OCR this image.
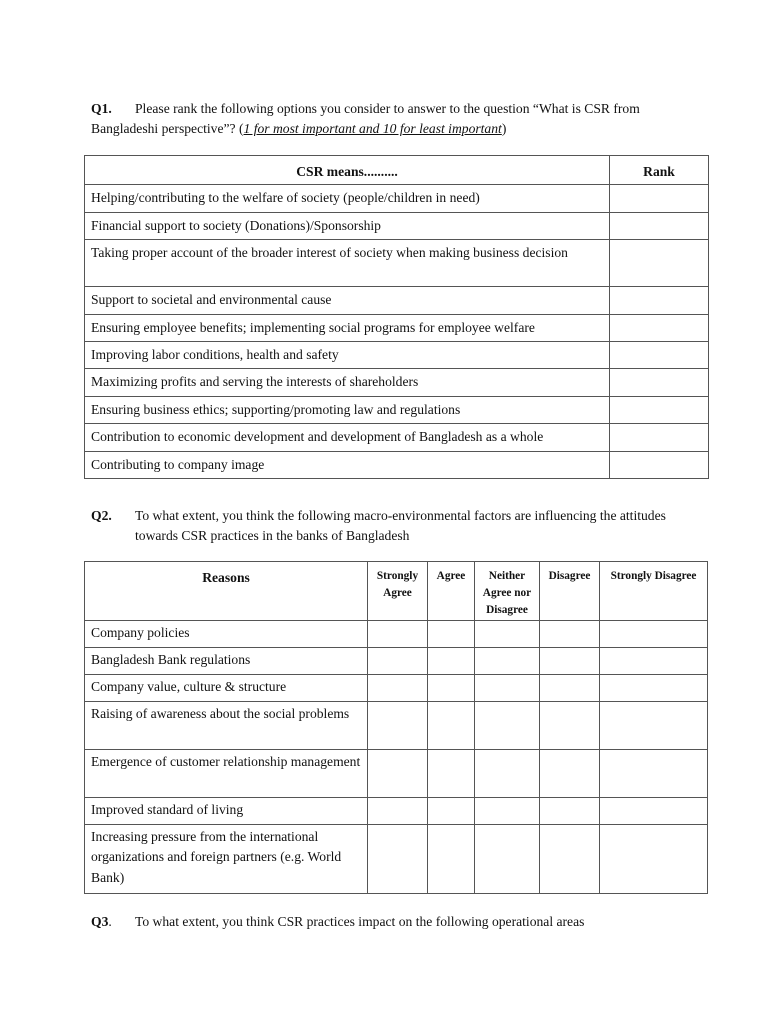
Q1. Please rank the following options you consider to answer to the question “What is CSR from Bangladeshi perspective”? (1 for most important and 10 for least important)

CSR means..........	Rank
Helping/contributing to the welfare of society (people/children in need)	
Financial support to society (Donations)/Sponsorship	
Taking proper account of the broader interest of society when making business decision	
Support to societal and environmental cause	
Ensuring employee benefits; implementing social programs for employee welfare	
Improving labor conditions, health and safety	
Maximizing profits and serving the interests of shareholders	
Ensuring business ethics; supporting/promoting law and regulations	
Contribution to economic development and development of Bangladesh as a whole	
Contributing to company image	

Q2. To what extent, you think the following macro-environmental factors are influencing the attitudes towards CSR practices in the banks of Bangladesh

Reasons	Strongly Agree	Agree	Neither Agree nor Disagree	Disagree	Strongly Disagree
Company policies					
Bangladesh Bank regulations					
Company value, culture & structure					
Raising of awareness about the social problems					
Emergence of customer relationship management					
Improved standard of living					
Increasing pressure from the international organizations and foreign partners (e.g. World Bank)					

Q3. To what extent, you think CSR practices impact on the following operational areas
